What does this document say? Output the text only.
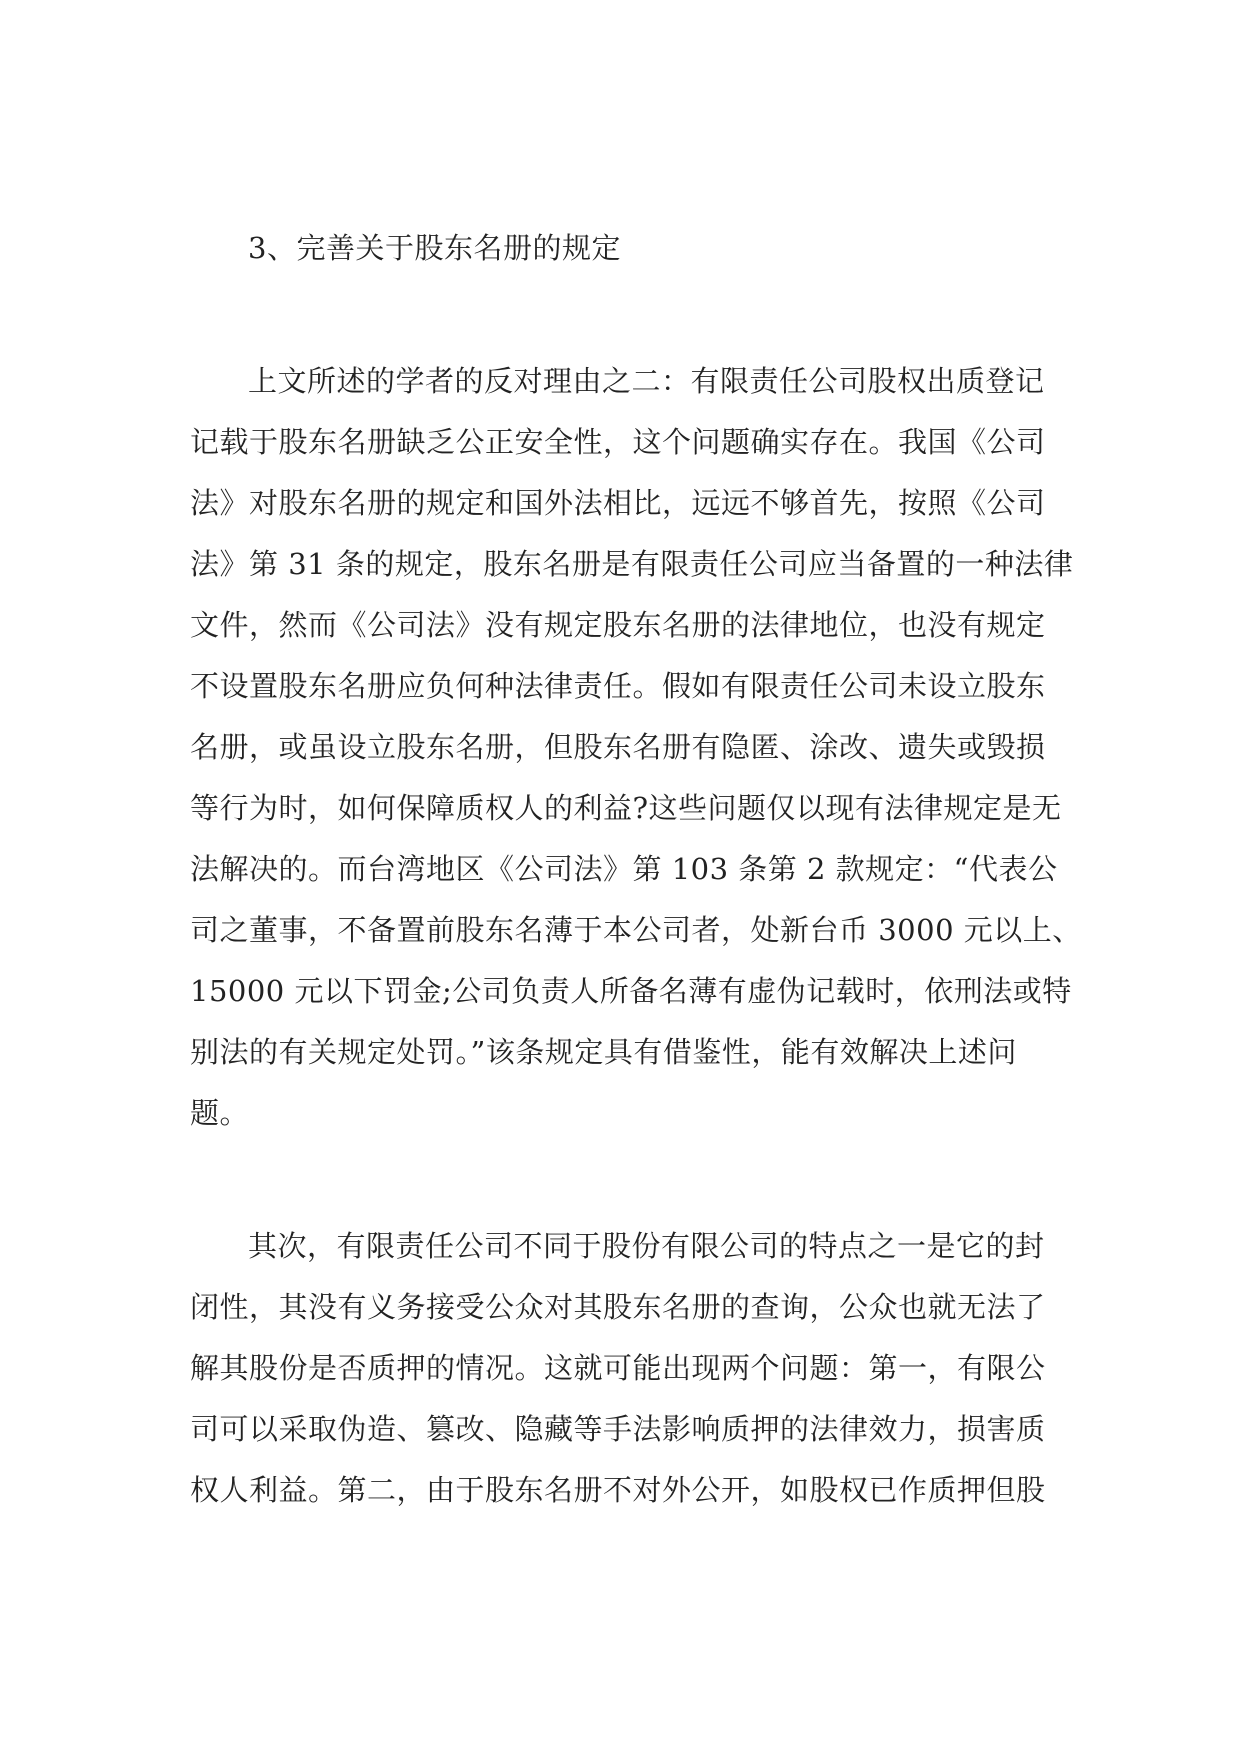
3、完善关于股东名册的规定
上文所述的学者的反对理由之二：有限责任公司股权出质登记
记载于股东名册缺乏公正安全性，这个问题确实存在。我国《公司
法》对股东名册的规定和国外法相比，远远不够首先，按照《公司
法》第 31 条的规定，股东名册是有限责任公司应当备置的一种法律
文件，然而《公司法》没有规定股东名册的法律地位，也没有规定
不设置股东名册应负何种法律责任。假如有限责任公司未设立股东
名册，或虽设立股东名册，但股东名册有隐匿、涂改、遗失或毁损
等行为时，如何保障质权人的利益?这些问题仅以现有法律规定是无
法解决的。而台湾地区《公司法》第 103 条第 2 款规定：“代表公
司之董事，不备置前股东名薄于本公司者，处新台币 3000 元以上、
15000 元以下罚金;公司负责人所备名薄有虚伪记载时，依刑法或特
别法的有关规定处罚。”该条规定具有借鉴性，能有效解决上述问
题。
其次，有限责任公司不同于股份有限公司的特点之一是它的封
闭性，其没有义务接受公众对其股东名册的查询，公众也就无法了
解其股份是否质押的情况。这就可能出现两个问题：第一，有限公
司可以采取伪造、篡改、隐藏等手法影响质押的法律效力，损害质
权人利益。第二，由于股东名册不对外公开，如股权已作质押但股
